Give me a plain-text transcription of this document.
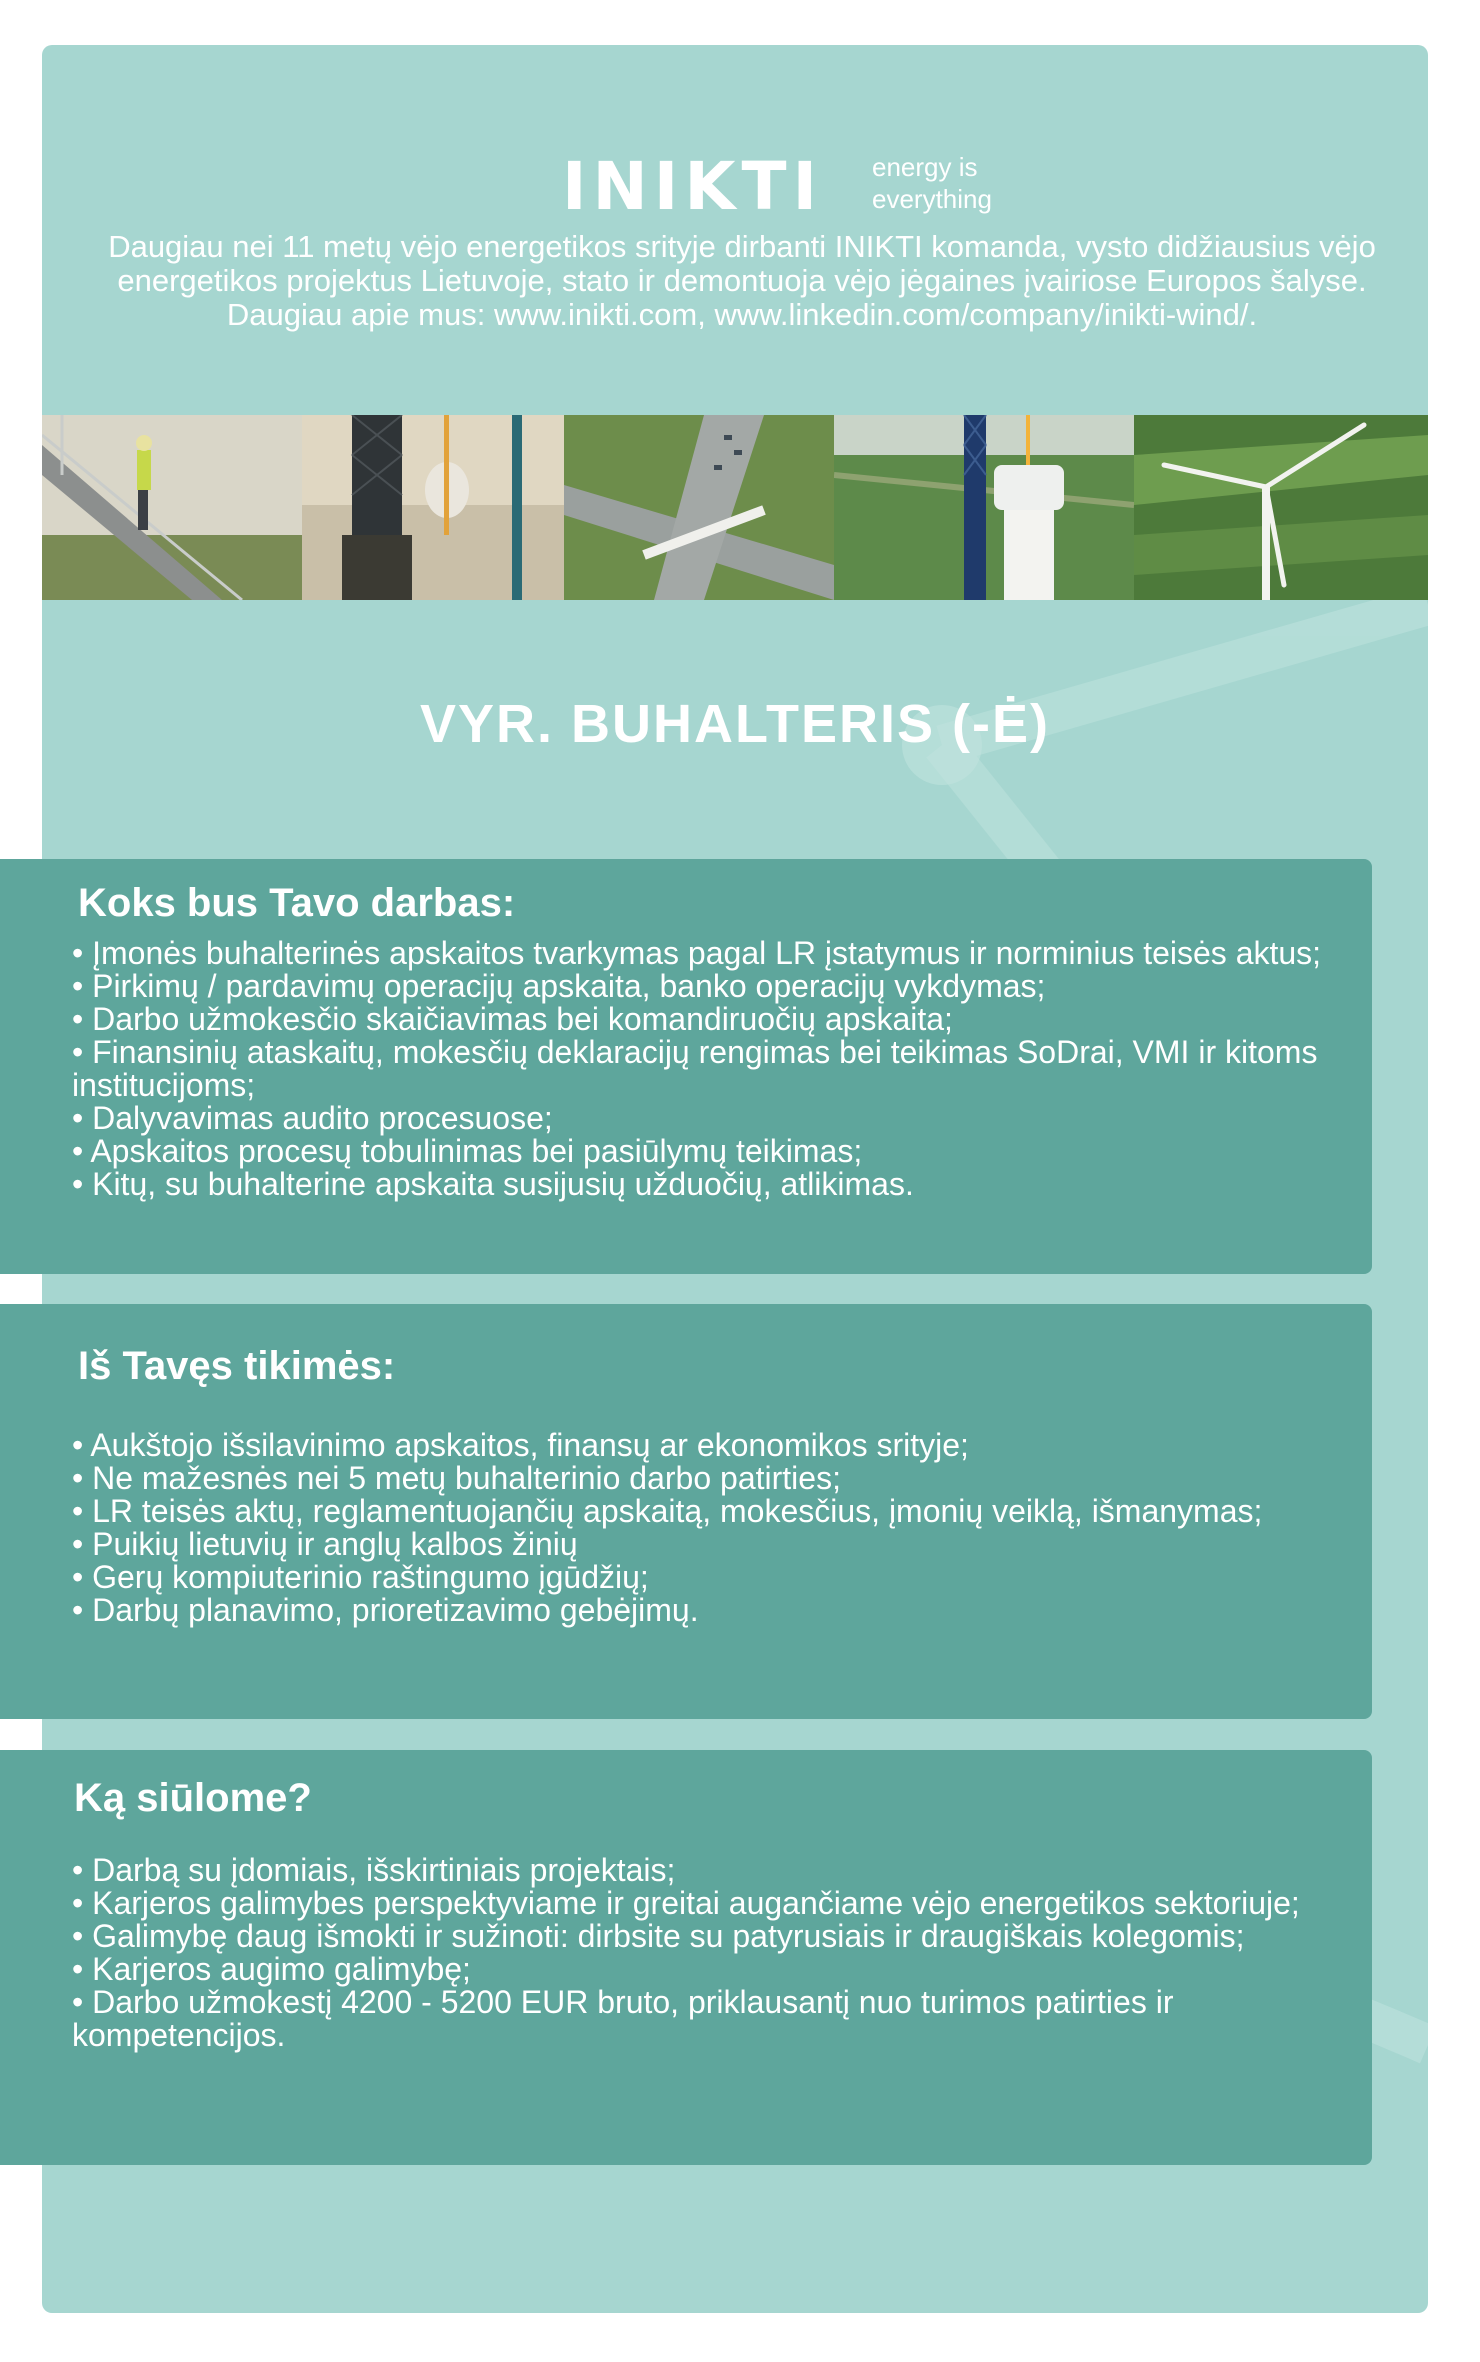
INIKTI energy is everything
Daugiau nei 11 metų vėjo energetikos srityje dirbanti INIKTI komanda, vysto didžiausius vėjo energetikos projektus Lietuvoje, stato ir demontuoja vėjo jėgaines įvairiose Europos šalyse. Daugiau apie mus: www.inikti.com, www.linkedin.com/company/inikti-wind/.
VYR. BUHALTERIS (-Ė)
Koks bus Tavo darbas:
• Įmonės buhalterinės apskaitos tvarkymas pagal LR įstatymus ir norminius teisės aktus;
• Pirkimų / pardavimų operacijų apskaita, banko operacijų vykdymas;
• Darbo užmokesčio skaičiavimas bei komandiruočių apskaita;
• Finansinių ataskaitų, mokesčių deklaracijų rengimas bei teikimas SoDrai, VMI ir kitoms institucijoms;
• Dalyvavimas audito procesuose;
• Apskaitos procesų tobulinimas bei pasiūlymų teikimas;
• Kitų, su buhalterine apskaita susijusių užduočių, atlikimas.
Iš Tavęs tikimės:
• Aukštojo išsilavinimo apskaitos, finansų ar ekonomikos srityje;
• Ne mažesnės nei 5 metų buhalterinio darbo patirties;
• LR teisės aktų, reglamentuojančių apskaitą, mokesčius, įmonių veiklą, išmanymas;
• Puikių lietuvių ir anglų kalbos žinių
• Gerų kompiuterinio raštingumo įgūdžių;
• Darbų planavimo, prioretizavimo gebėjimų.
Ką siūlome?
• Darbą su įdomiais, išskirtiniais projektais;
• Karjeros galimybes perspektyviame ir greitai augančiame vėjo energetikos sektoriuje;
• Galimybę daug išmokti ir sužinoti: dirbsite su patyrusiais ir draugiškais kolegomis;
• Karjeros augimo galimybę;
• Darbo užmokestį 4200 - 5200 EUR bruto, priklausantį nuo turimos patirties ir kompetencijos.
